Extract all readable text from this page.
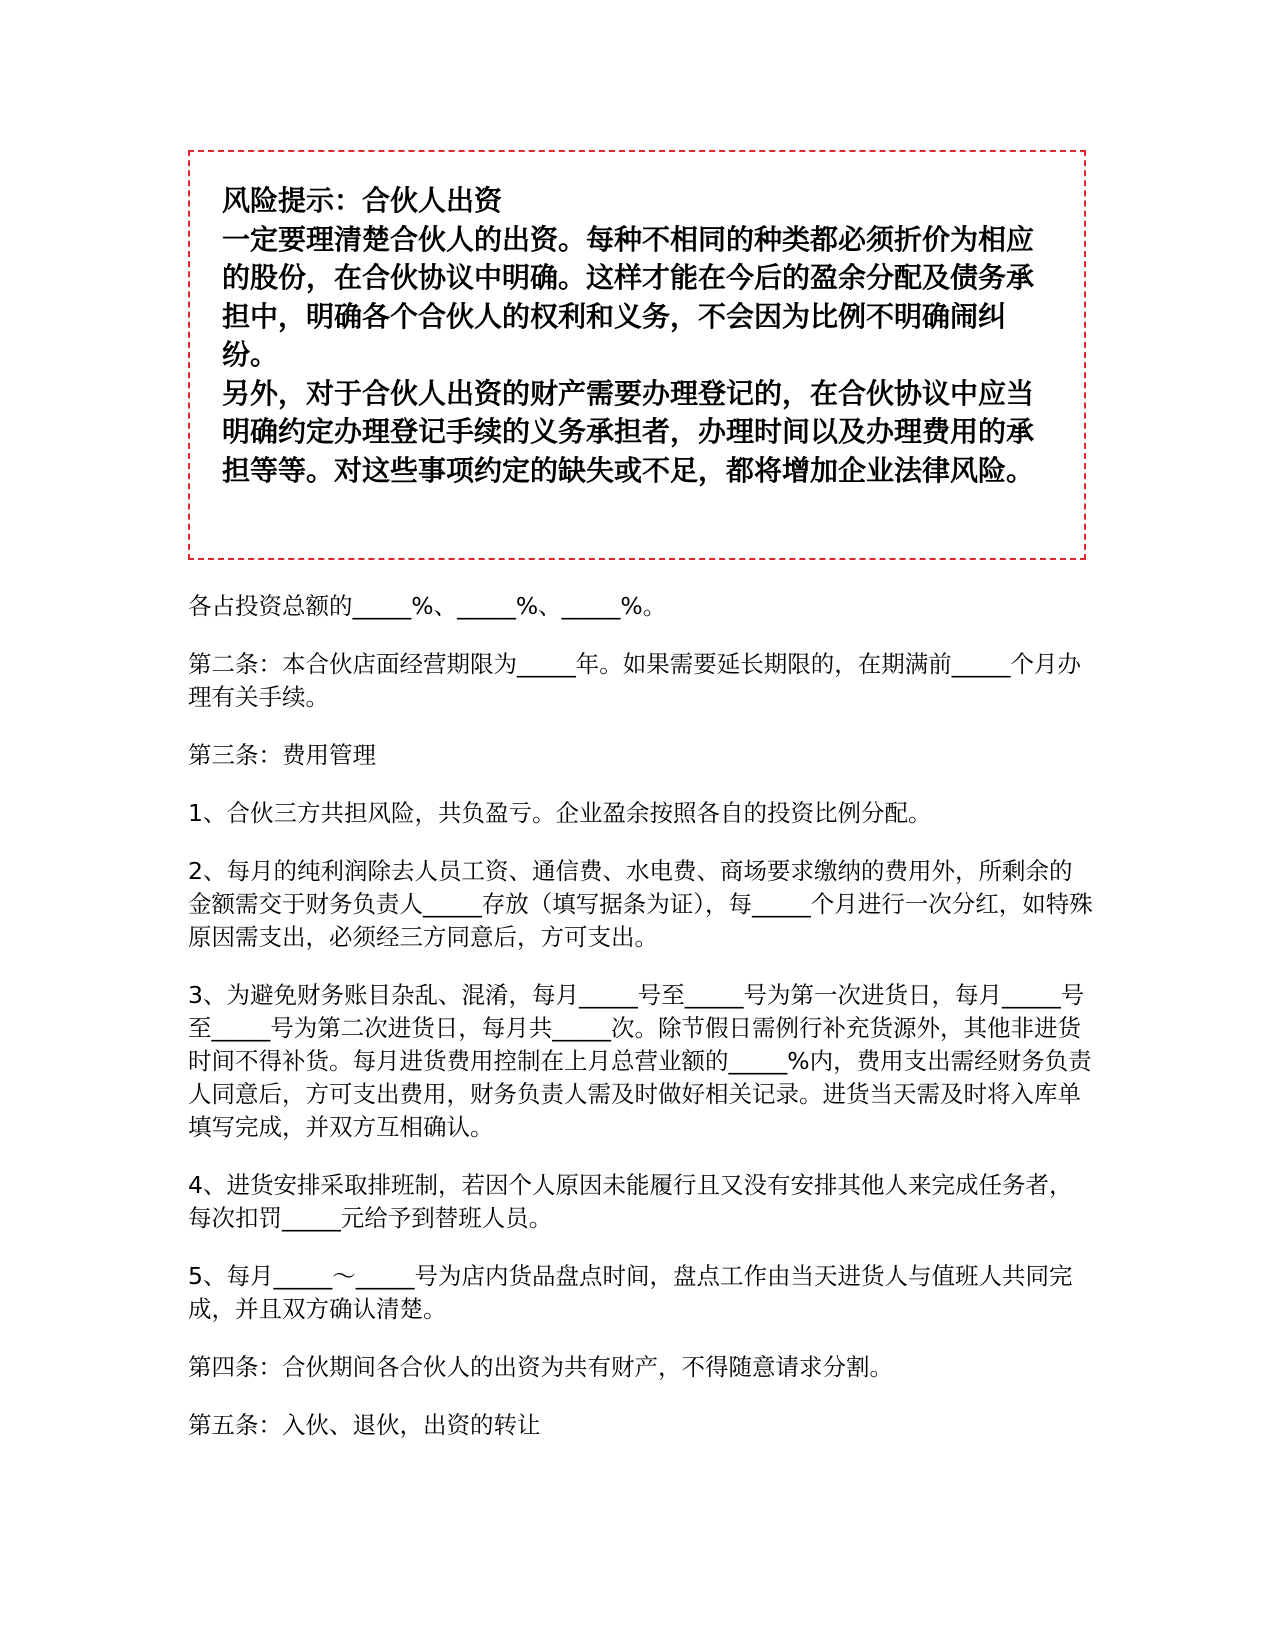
风险提示：合伙人出资

一定要理清楚合伙人的出资。每种不相同的种类都必须折价为相应的股份，在合伙协议中明确。这样才能在今后的盈余分配及债务承担中，明确各个合伙人的权利和义务，不会因为比例不明确闹纠纷。

另外，对于合伙人出资的财产需要办理登记的，在合伙协议中应当明确约定办理登记手续的义务承担者，办理时间以及办理费用的承担等等。对这些事项约定的缺失或不足，都将增加企业法律风险。

各占投资总额的_____%、_____%、_____%。

第二条：本合伙店面经营期限为_____年。如果需要延长期限的，在期满前_____个月办理有关手续。

第三条：费用管理

1、合伙三方共担风险，共负盈亏。企业盈余按照各自的投资比例分配。

2、每月的纯利润除去人员工资、通信费、水电费、商场要求缴纳的费用外，所剩余的金额需交于财务负责人_____存放（填写据条为证），每_____个月进行一次分红，如特殊原因需支出，必须经三方同意后，方可支出。

3、为避免财务账目杂乱、混淆，每月_____号至_____号为第一次进货日，每月_____号至_____号为第二次进货日，每月共_____次。除节假日需例行补充货源外，其他非进货时间不得补货。每月进货费用控制在上月总营业额的_____%内，费用支出需经财务负责人同意后，方可支出费用，财务负责人需及时做好相关记录。进货当天需及时将入库单填写完成，并双方互相确认。

4、进货安排采取排班制，若因个人原因未能履行且又没有安排其他人来完成任务者，每次扣罚_____元给予到替班人员。

5、每月_____～_____号为店内货品盘点时间，盘点工作由当天进货人与值班人共同完成，并且双方确认清楚。

第四条：合伙期间各合伙人的出资为共有财产，不得随意请求分割。

第五条：入伙、退伙，出资的转让
